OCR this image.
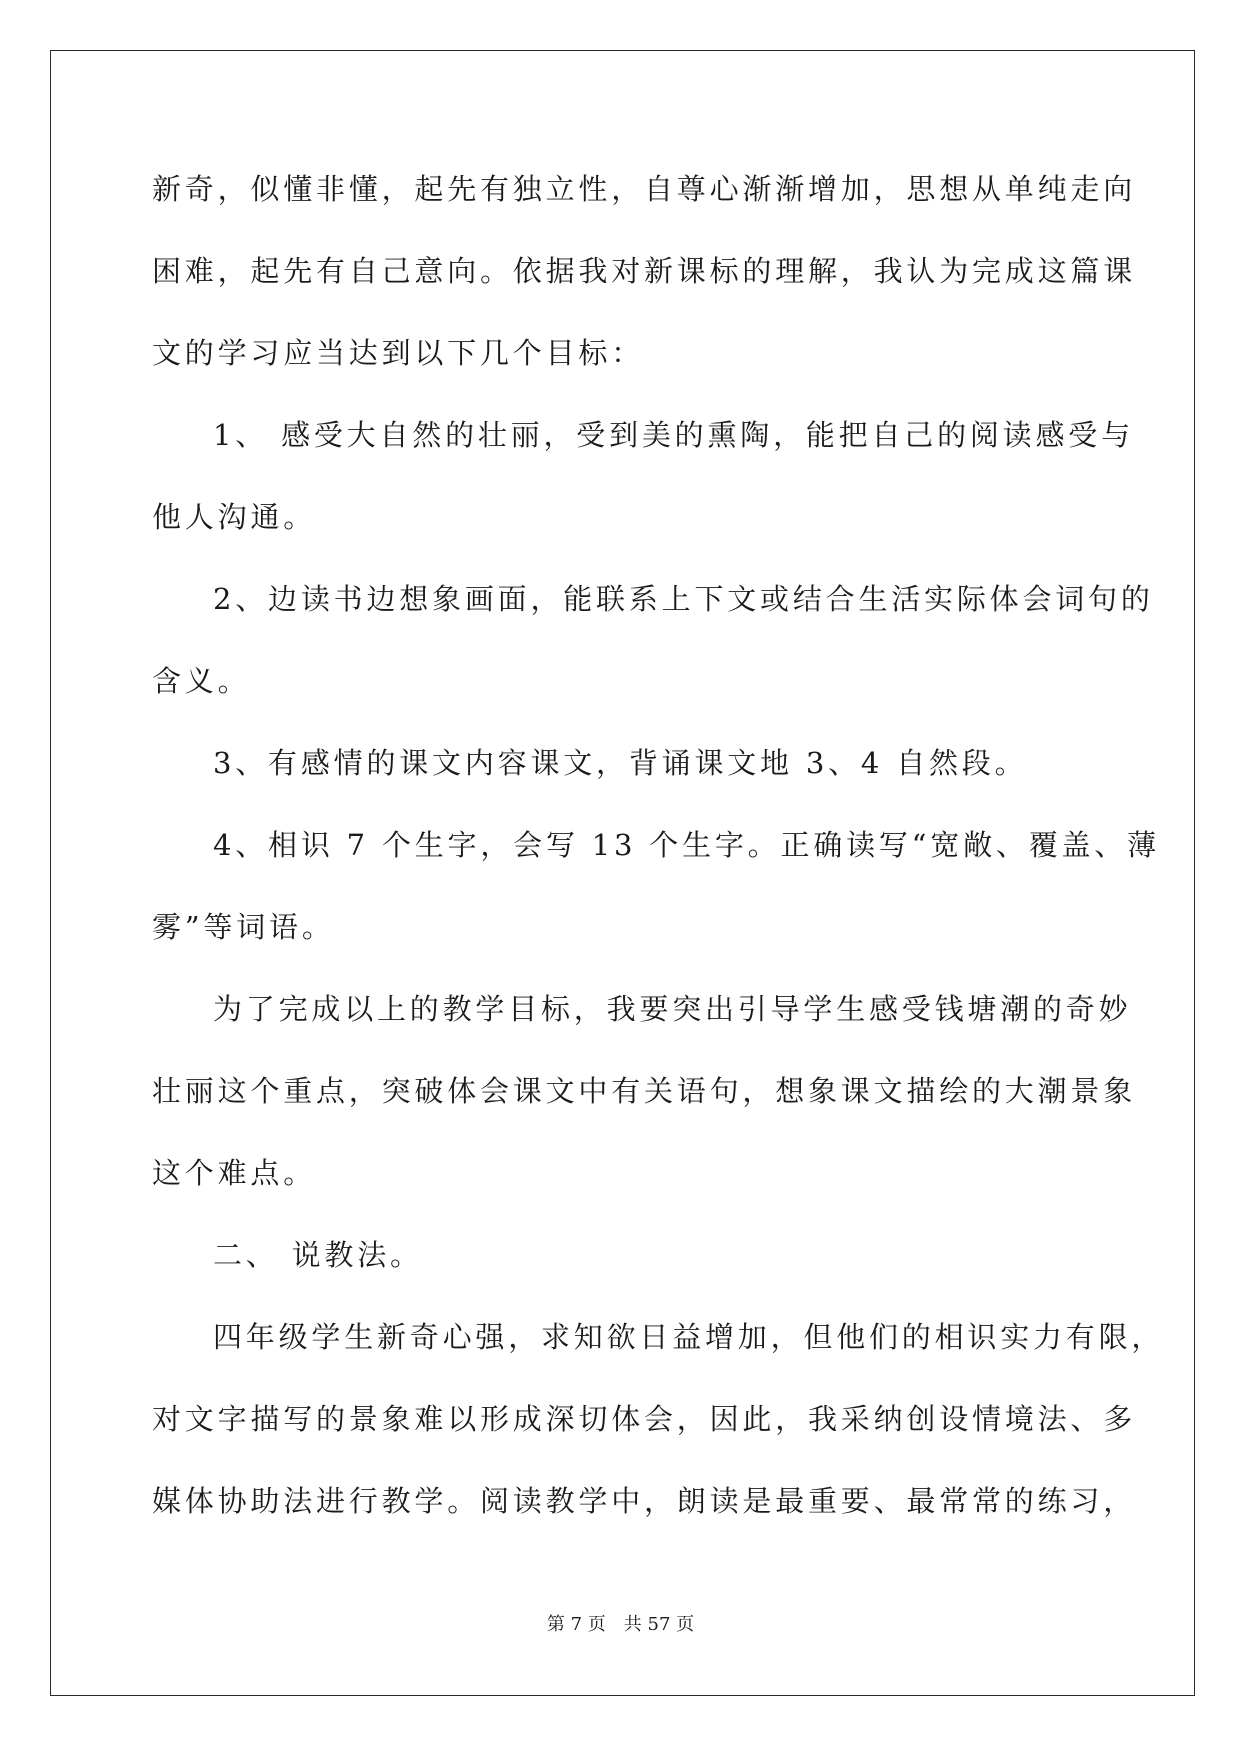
新奇，似懂非懂，起先有独立性，自尊心渐渐增加，思想从单纯走向
困难，起先有自己意向。依据我对新课标的理解，我认为完成这篇课
文的学习应当达到以下几个目标：
1、 感受大自然的壮丽，受到美的熏陶，能把自己的阅读感受与
他人沟通。
2、边读书边想象画面，能联系上下文或结合生活实际体会词句的
含义。
3、有感情的课文内容课文，背诵课文地 3、4 自然段。
4、相识 7 个生字，会写 13 个生字。正确读写“宽敞、覆盖、薄
雾”等词语。
为了完成以上的教学目标，我要突出引导学生感受钱塘潮的奇妙
壮丽这个重点，突破体会课文中有关语句，想象课文描绘的大潮景象
这个难点。
二、 说教法。
四年级学生新奇心强，求知欲日益增加，但他们的相识实力有限，
对文字描写的景象难以形成深切体会，因此，我采纳创设情境法、多
媒体协助法进行教学。阅读教学中，朗读是最重要、最常常的练习，
第 7 页　共 57 页
